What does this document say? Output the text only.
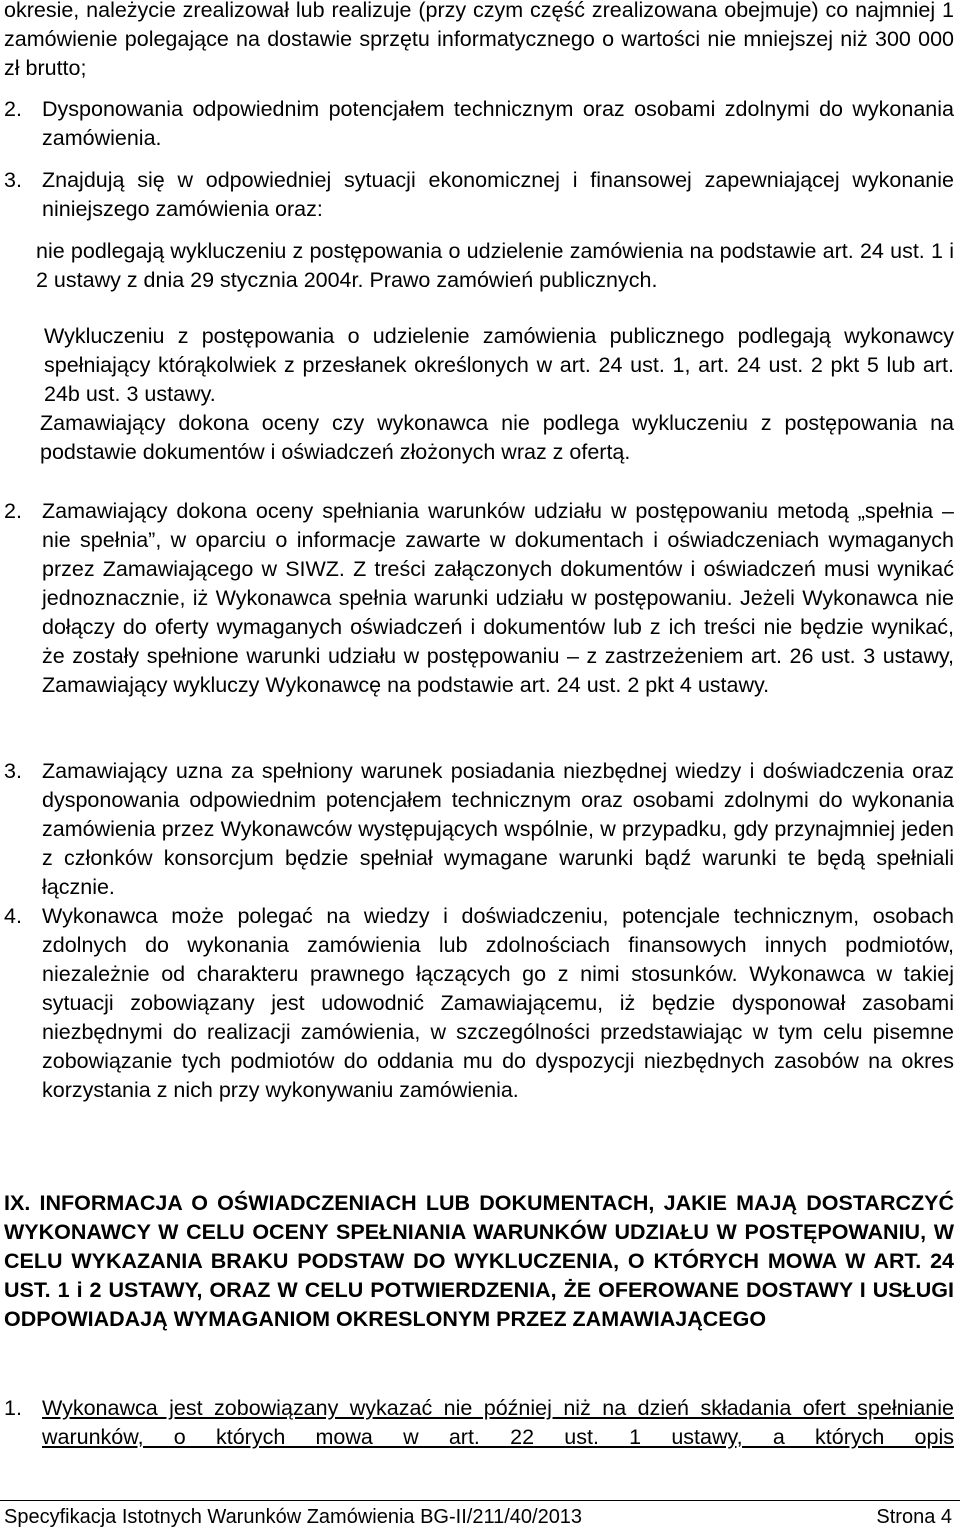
okresie, należycie zrealizował lub realizuje (przy czym część zrealizowana obejmuje) co najmniej 1 zamówienie polegające na dostawie sprzętu informatycznego o wartości nie mniejszej niż 300 000 zł brutto;

2. Dysponowania odpowiednim potencjałem technicznym oraz osobami zdolnymi do wykonania zamówienia.

3. Znajdują się w odpowiedniej sytuacji ekonomicznej i finansowej zapewniającej wykonanie niniejszego zamówienia oraz:

nie podlegają wykluczeniu z postępowania o udzielenie zamówienia na podstawie art. 24 ust. 1 i 2 ustawy z dnia 29 stycznia 2004r. Prawo zamówień publicznych.

Wykluczeniu z postępowania o udzielenie zamówienia publicznego podlegają wykonawcy spełniający którąkolwiek z przesłanek określonych w art. 24 ust. 1, art. 24 ust. 2 pkt 5 lub art. 24b ust. 3 ustawy.

Zamawiający dokona oceny czy wykonawca nie podlega wykluczeniu z postępowania na podstawie dokumentów i oświadczeń złożonych wraz z ofertą.

2. Zamawiający dokona oceny spełniania warunków udziału w postępowaniu metodą „spełnia – nie spełnia”, w oparciu o informacje zawarte w dokumentach i oświadczeniach wymaganych przez Zamawiającego w SIWZ. Z treści załączonych dokumentów i oświadczeń musi wynikać jednoznacznie, iż Wykonawca spełnia warunki udziału w postępowaniu. Jeżeli Wykonawca nie dołączy do oferty wymaganych oświadczeń i dokumentów lub z ich treści nie będzie wynikać, że zostały spełnione warunki udziału w postępowaniu – z zastrzeżeniem art. 26 ust. 3 ustawy, Zamawiający wykluczy Wykonawcę na podstawie art. 24 ust. 2 pkt 4 ustawy.

3. Zamawiający uzna za spełniony warunek posiadania niezbędnej wiedzy i doświadczenia oraz dysponowania odpowiednim potencjałem technicznym oraz osobami zdolnymi do wykonania zamówienia przez Wykonawców występujących wspólnie, w przypadku, gdy przynajmniej jeden z członków konsorcjum będzie spełniał wymagane warunki bądź warunki te będą spełniali łącznie.

4. Wykonawca może polegać na wiedzy i doświadczeniu, potencjale technicznym, osobach zdolnych do wykonania zamówienia lub zdolnościach finansowych innych podmiotów, niezależnie od charakteru prawnego łączących go z nimi stosunków. Wykonawca w takiej sytuacji zobowiązany jest udowodnić Zamawiającemu, iż będzie dysponował zasobami niezbędnymi do realizacji zamówienia, w szczególności przedstawiając w tym celu pisemne zobowiązanie tych podmiotów do oddania mu do dyspozycji niezbędnych zasobów na okres korzystania z nich przy wykonywaniu zamówienia.

IX. INFORMACJA O OŚWIADCZENIACH LUB DOKUMENTACH, JAKIE MAJĄ DOSTARCZYĆ WYKONAWCY W CELU OCENY SPEŁNIANIA WARUNKÓW UDZIAŁU W POSTĘPOWANIU, W CELU WYKAZANIA BRAKU PODSTAW DO WYKLUCZENIA, O KTÓRYCH MOWA W ART. 24 UST. 1 i 2 USTAWY, ORAZ W CELU POTWIERDZENIA, ŻE OFEROWANE DOSTAWY I USŁUGI ODPOWIADAJĄ WYMAGANIOM OKRESLONYM PRZEZ ZAMAWIAJĄCEGO

1. Wykonawca jest zobowiązany wykazać nie później niż na dzień składania ofert spełnianie warunków, o których mowa w art. 22 ust. 1 ustawy, a których opis

Specyfikacja Istotnych Warunków Zamówienia BG-II/211/40/2013	Strona 4
